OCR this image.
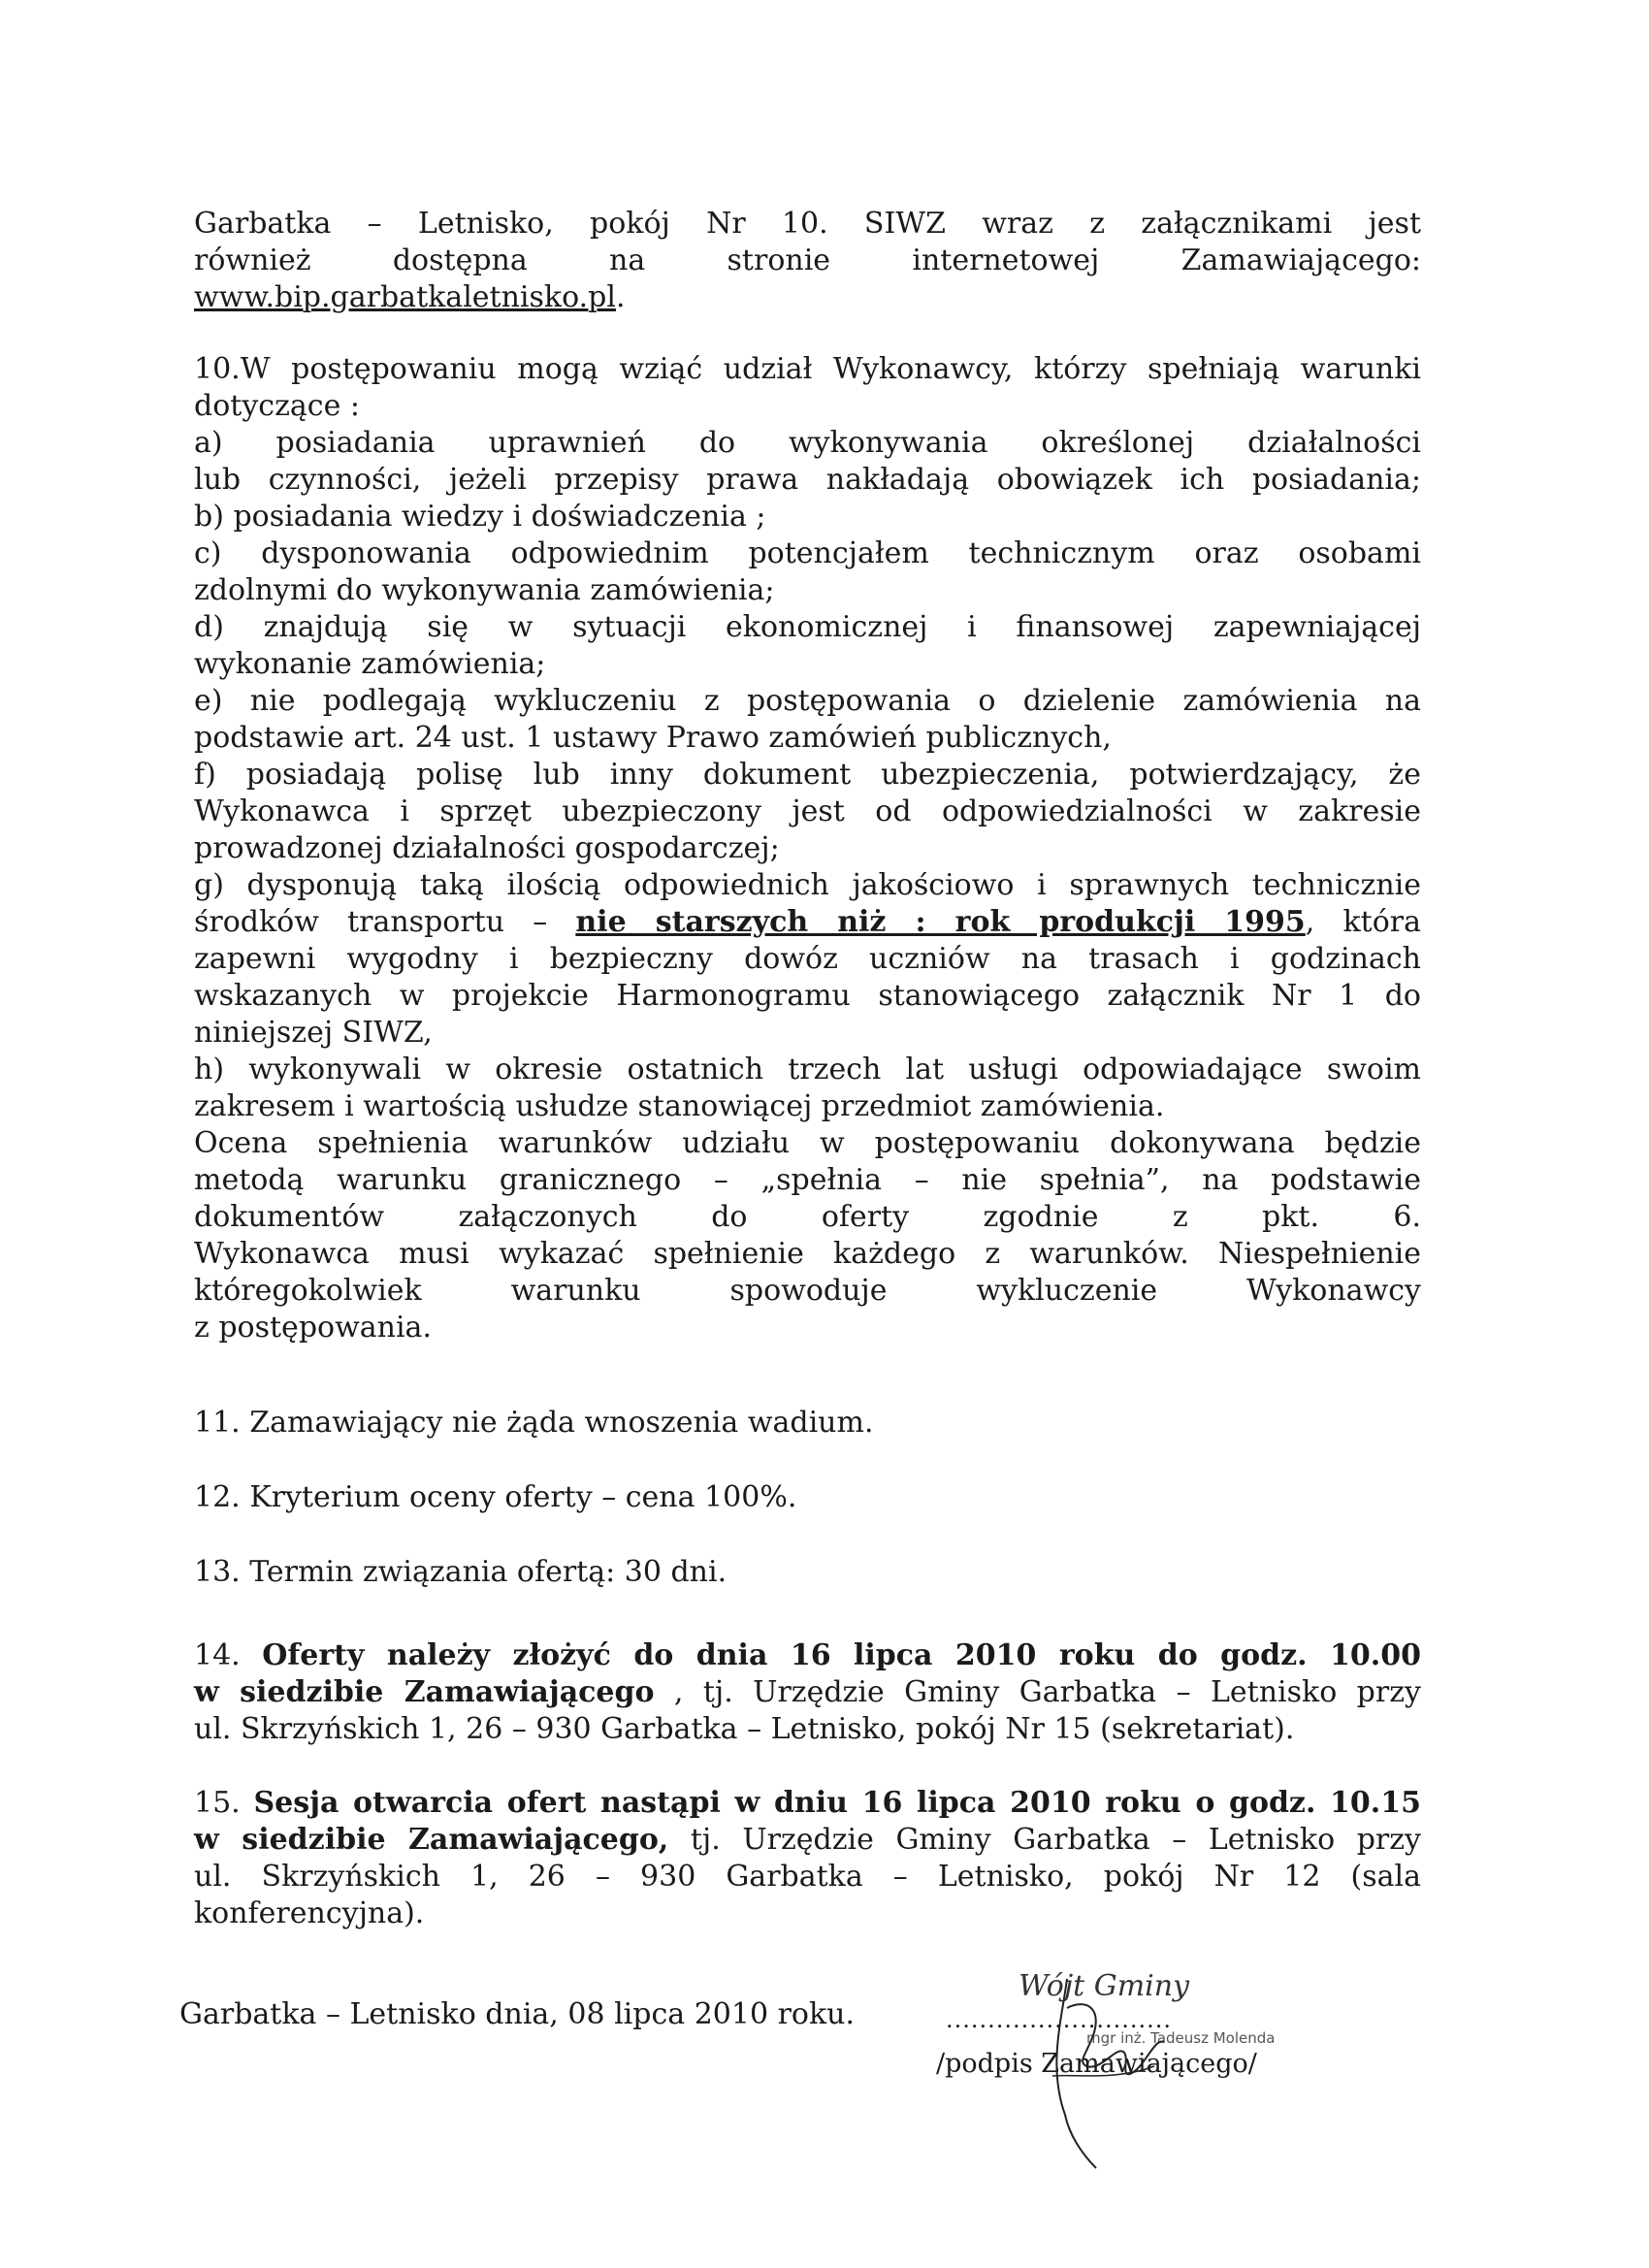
Garbatka – Letnisko, pokój Nr 10. SIWZ wraz z załącznikami jest
również dostępna na stronie internetowej Zamawiającego:
www.bip.garbatkaletnisko.pl.
10.W postępowaniu mogą wziąć udział Wykonawcy, którzy spełniają warunki
dotyczące :
a) posiadania uprawnień do wykonywania określonej działalności
lub czynności, jeżeli przepisy prawa nakładają obowiązek ich posiadania;
b) posiadania wiedzy i doświadczenia ;
c) dysponowania odpowiednim potencjałem technicznym oraz osobami
zdolnymi do wykonywania zamówienia;
d) znajdują się w sytuacji ekonomicznej i finansowej zapewniającej
wykonanie zamówienia;
e) nie podlegają wykluczeniu z postępowania o dzielenie zamówienia na
podstawie art. 24 ust. 1 ustawy Prawo zamówień publicznych,
f) posiadają polisę lub inny dokument ubezpieczenia, potwierdzający, że
Wykonawca i sprzęt ubezpieczony jest od odpowiedzialności w zakresie
prowadzonej działalności gospodarczej;
g) dysponują taką ilością odpowiednich jakościowo i sprawnych technicznie
środków transportu – nie starszych niż : rok produkcji 1995, która
zapewni wygodny i bezpieczny dowóz uczniów na trasach i godzinach
wskazanych w projekcie Harmonogramu stanowiącego załącznik Nr 1 do
niniejszej SIWZ,
h) wykonywali w okresie ostatnich trzech lat usługi odpowiadające swoim
zakresem i wartością usłudze stanowiącej przedmiot zamówienia.
Ocena spełnienia warunków udziału w postępowaniu dokonywana będzie
metodą warunku granicznego – „spełnia – nie spełnia”, na podstawie
dokumentów załączonych do oferty zgodnie z pkt. 6.
Wykonawca musi wykazać spełnienie każdego z warunków. Niespełnienie
któregokolwiek warunku spowoduje wykluczenie Wykonawcy
z postępowania.
11. Zamawiający nie żąda wnoszenia wadium.
12. Kryterium oceny oferty – cena 100%.
13. Termin związania ofertą: 30 dni.
14. Oferty należy złożyć do dnia 16 lipca 2010 roku do godz. 10.00
w siedzibie Zamawiającego , tj. Urzędzie Gminy Garbatka – Letnisko przy
ul. Skrzyńskich 1, 26 – 930 Garbatka – Letnisko, pokój Nr 15 (sekretariat).
15. Sesja otwarcia ofert nastąpi w dniu 16 lipca 2010 roku o godz. 10.15
w siedzibie Zamawiającego, tj. Urzędzie Gminy Garbatka – Letnisko przy
ul. Skrzyńskich 1, 26 – 930 Garbatka – Letnisko, pokój Nr 12 (sala
konferencyjna).
Garbatka – Letnisko dnia, 08 lipca 2010 roku.
Wójt Gminy
mgr inż. Tadeusz Molenda
...........................
/podpis Zamawiającego/
